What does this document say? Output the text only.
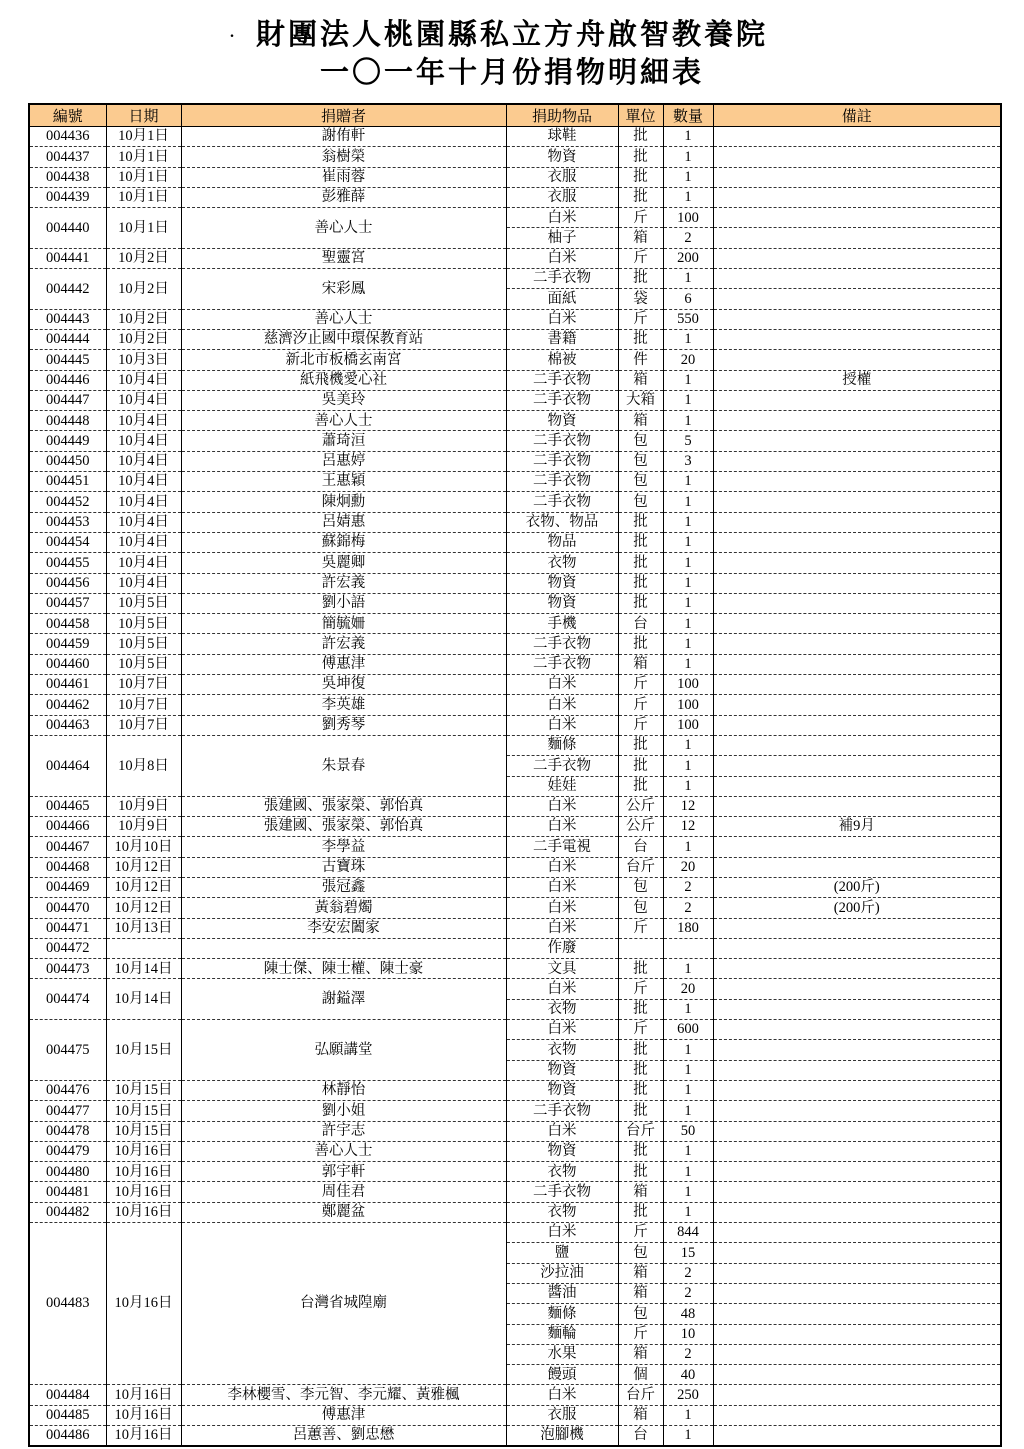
. 財團法人桃園縣私立方舟啟智教養院
一〇一年十月份捐物明細表
編號	日期	捐贈者	捐助物品	單位	數量	備註
004436	10月1日	謝侑軒	球鞋	批	1	
004437	10月1日	翁樹榮	物資	批	1	
004438	10月1日	崔雨蓉	衣服	批	1	
004439	10月1日	彭雅薛	衣服	批	1	
004440	10月1日	善心人士	白米	斤	100	
			柚子	箱	2	
004441	10月2日	聖靈宮	白米	斤	200	
004442	10月2日	宋彩鳳	二手衣物	批	1	
			面紙	袋	6	
004443	10月2日	善心人士	白米	斤	550	
004444	10月2日	慈濟汐止國中環保教育站	書籍	批	1	
004445	10月3日	新北市板橋玄南宮	棉被	件	20	
004446	10月4日	紙飛機愛心社	二手衣物	箱	1	授權
004447	10月4日	吳美玲	二手衣物	大箱	1	
004448	10月4日	善心人士	物資	箱	1	
004449	10月4日	蕭琦洹	二手衣物	包	5	
004450	10月4日	呂惠婷	二手衣物	包	3	
004451	10月4日	王惠穎	二手衣物	包	1	
004452	10月4日	陳炯勳	二手衣物	包	1	
004453	10月4日	呂婧惠	衣物、物品	批	1	
004454	10月4日	蘇錦梅	物品	批	1	
004455	10月4日	吳麗卿	衣物	批	1	
004456	10月4日	許宏義	物資	批	1	
004457	10月5日	劉小語	物資	批	1	
004458	10月5日	簡毓姍	手機	台	1	
004459	10月5日	許宏義	二手衣物	批	1	
004460	10月5日	傅惠津	二手衣物	箱	1	
004461	10月7日	吳坤復	白米	斤	100	
004462	10月7日	李英雄	白米	斤	100	
004463	10月7日	劉秀琴	白米	斤	100	
004464	10月8日	朱景春	麵條	批	1	
			二手衣物	批	1	
			娃娃	批	1	
004465	10月9日	張建國、張家榮、郭怡真	白米	公斤	12	
004466	10月9日	張建國、張家榮、郭怡真	白米	公斤	12	補9月
004467	10月10日	李學益	二手電視	台	1	
004468	10月12日	古寶珠	白米	台斤	20	
004469	10月12日	張冠鑫	白米	包	2	(200斤)
004470	10月12日	黃翁碧燭	白米	包	2	(200斤)
004471	10月13日	李安宏闔家	白米	斤	180	
004472			作廢			
004473	10月14日	陳士傑、陳士權、陳士豪	文具	批	1	
004474	10月14日	謝鎰澤	白米	斤	20	
			衣物	批	1	
004475	10月15日	弘願講堂	白米	斤	600	
			衣物	批	1	
			物資	批	1	
004476	10月15日	林靜怡	物資	批	1	
004477	10月15日	劉小姐	二手衣物	批	1	
004478	10月15日	許宇志	白米	台斤	50	
004479	10月16日	善心人士	物資	批	1	
004480	10月16日	郭宇軒	衣物	批	1	
004481	10月16日	周佳君	二手衣物	箱	1	
004482	10月16日	鄭麗盆	衣物	批	1	
004483	10月16日	台灣省城隍廟	白米	斤	844	
			鹽	包	15	
			沙拉油	箱	2	
			醬油	箱	2	
			麵條	包	48	
			麵輪	斤	10	
			水果	箱	2	
			饅頭	個	40	
004484	10月16日	李林櫻雪、李元智、李元耀、黃雅楓	白米	台斤	250	
004485	10月16日	傅惠津	衣服	箱	1	
004486	10月16日	呂蕙善、劉忠懋	泡腳機	台	1	
